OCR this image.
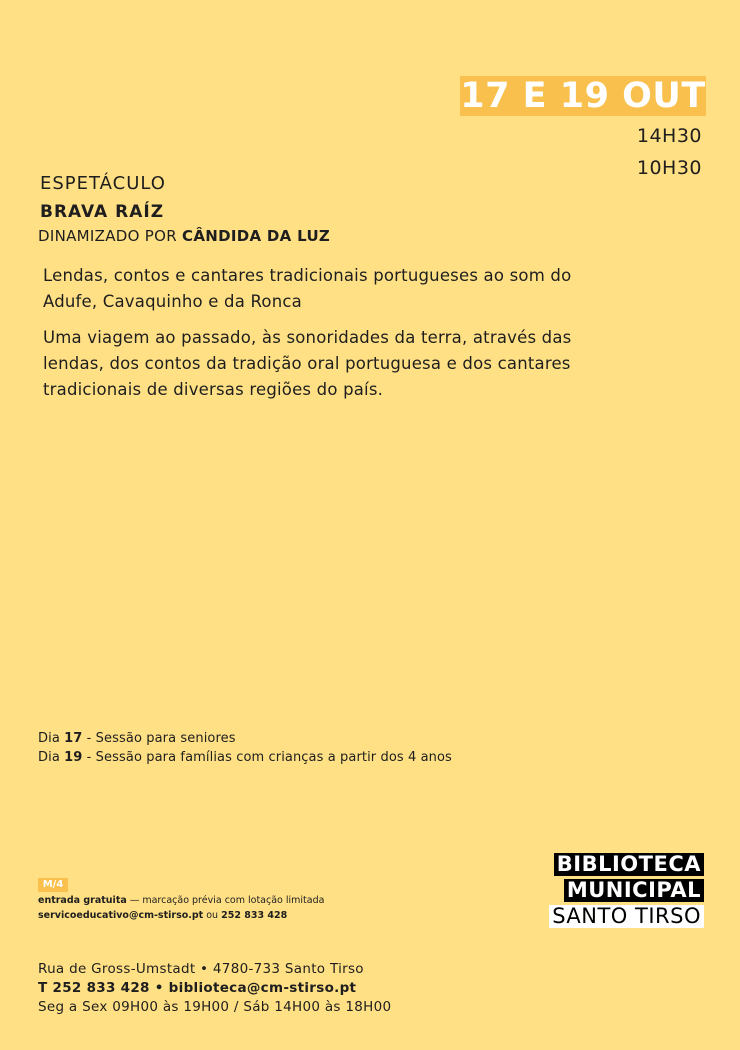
17 E 19 OUT
14H30
10H30
ESPETÁCULO
BRAVA RAÍZ
DINAMIZADO POR CÂNDIDA DA LUZ
Lendas, contos e cantares tradicionais portugueses ao som do Adufe, Cavaquinho e da Ronca
Uma viagem ao passado, às sonoridades da terra, através das lendas, dos contos da tradição oral portuguesa e dos cantares tradicionais de diversas regiões do país.
Dia 17 - Sessão para seniores
Dia 19 - Sessão para famílias com crianças a partir dos 4 anos
M/4
entrada gratuita — marcação prévia com lotação limitada
servicoeducativo@cm-stirso.pt ou 252 833 428
BIBLIOTECA
MUNICIPAL
SANTO TIRSO
Rua de Gross-Umstadt • 4780-733 Santo Tirso
T 252 833 428 • biblioteca@cm-stirso.pt
Seg a Sex 09H00 às 19H00 / Sáb 14H00 às 18H00
